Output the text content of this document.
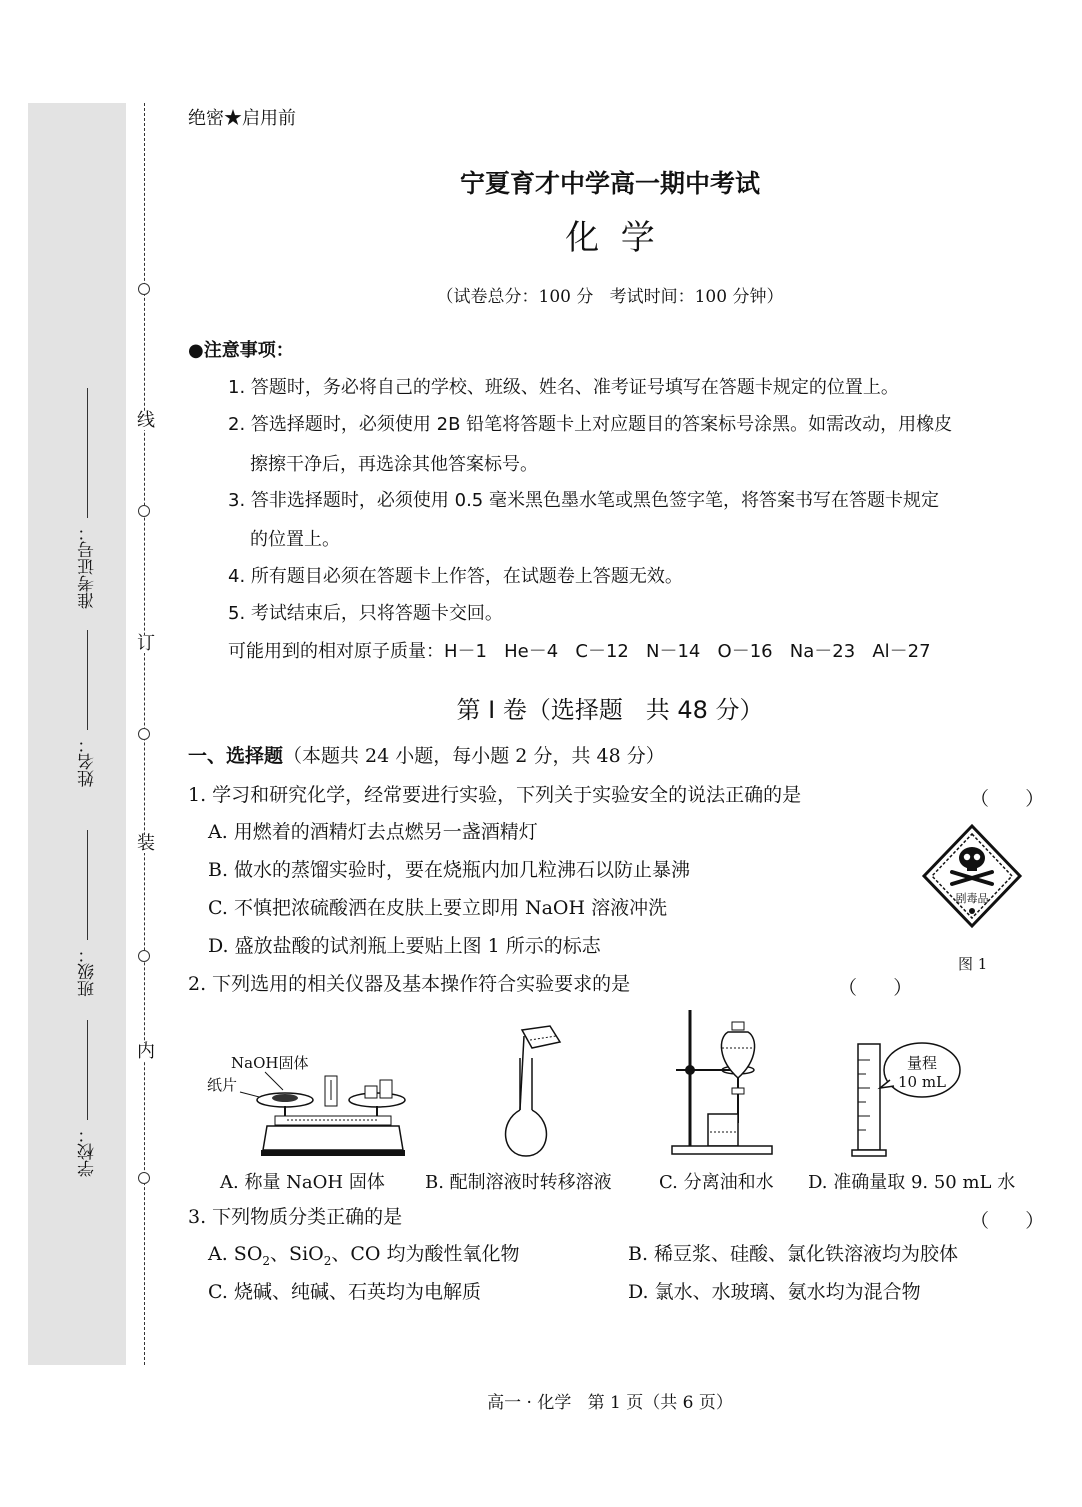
准考证号：
姓名：
班级：
学校：
线
订
装
内
绝密★启用前
宁夏育才中学高一期中考试
化  学
（试卷总分：100 分   考试时间：100 分钟）
●注意事项：
1. 答题时，务必将自己的学校、班级、姓名、准考证号填写在答题卡规定的位置上。
2. 答选择题时，必须使用 2B 铅笔将答题卡上对应题目的答案标号涂黑。如需改动，用橡皮
擦擦干净后，再选涂其他答案标号。
3. 答非选择题时，必须使用 0.5 毫米黑色墨水笔或黑色签字笔，将答案书写在答题卡规定
的位置上。
4. 所有题目必须在答题卡上作答，在试题卷上答题无效。
5. 考试结束后，只将答题卡交回。
可能用到的相对原子质量：H－1   He－4   C－12   N－14   O－16   Na－23   Al－27
第 Ⅰ 卷（选择题   共 48 分）
一、选择题（本题共 24 小题，每小题 2 分，共 48 分）
1. 学习和研究化学，经常要进行实验，下列关于实验安全的说法正确的是	（      ）
A. 用燃着的酒精灯去点燃另一盏酒精灯
B. 做水的蒸馏实验时，要在烧瓶内加几粒沸石以防止暴沸
C. 不慎把浓硫酸洒在皮肤上要立即用 NaOH 溶液冲洗
D. 盛放盐酸的试剂瓶上要贴上图 1 所示的标志
剧毒品
图 1
2. 下列选用的相关仪器及基本操作符合实验要求的是	（      ）
NaOH固体
纸片
量程
10 mL
A. 称量 NaOH 固体 B. 配制溶液时转移溶液	C. 分离油和水 D. 准确量取 9. 50 mL 水
3. 下列物质分类正确的是	（      ）
A. $SO_2$、SiO$_2$、CO 均为酸性氧化物	B. 稀豆浆、硅酸、氯化铁溶液均为胶体
C. 烧碱、纯碱、石英均为电解质	D. 氯水、水玻璃、氨水均为混合物
高一 · 化学   第 1 页（共 6 页）
